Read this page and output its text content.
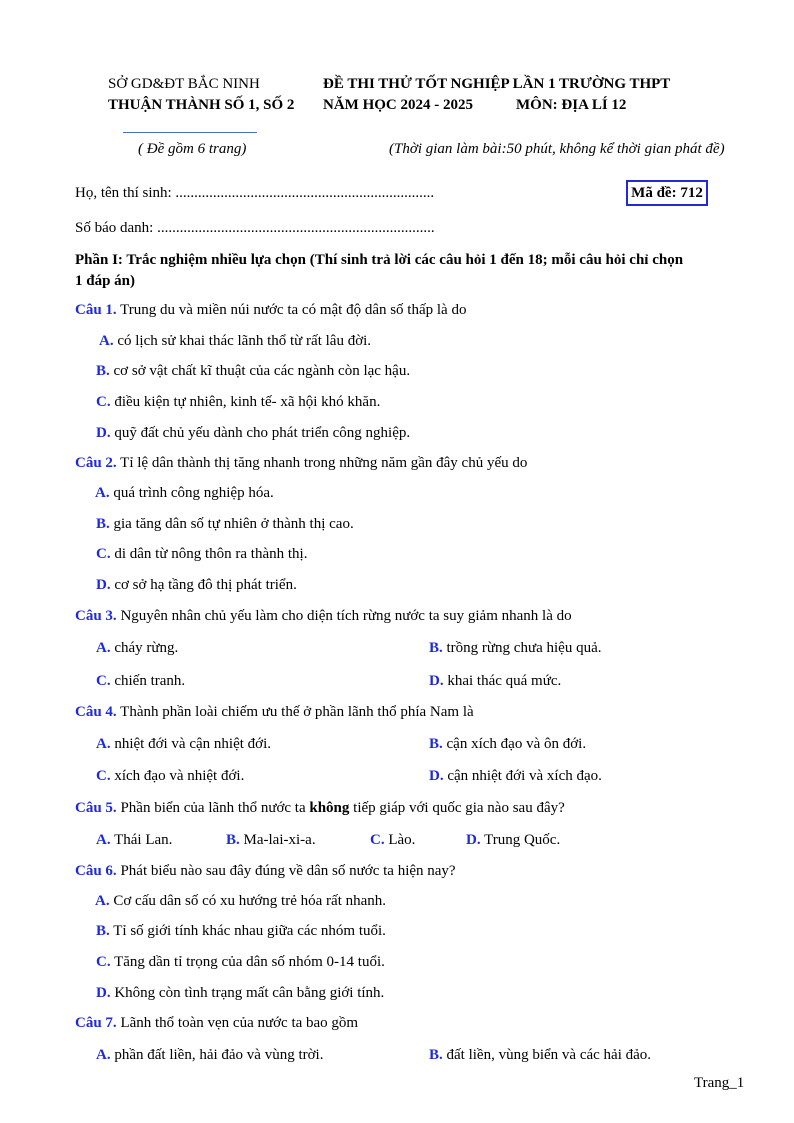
SỞ GD&ĐT BẮC NINH
THUẬN THÀNH SỐ 1, SỐ 2
ĐỀ THI THỬ TỐT NGHIỆP LẦN 1 TRƯỜNG THPT
NĂM HỌC 2024 - 2025	MÔN: ĐỊA LÍ 12
( Đề gồm 6 trang)	(Thời gian làm bài:50 phút, không kể thời gian phát đề)
Họ, tên thí sinh: .....................................................................	Mã đề: 712
Số báo danh: ..........................................................................
Phần I: Trắc nghiệm nhiều lựa chọn (Thí sinh trả lời các câu hỏi 1 đến 18; mỗi câu hỏi chỉ chọn
1 đáp án)
Câu 1. Trung du và miền núi nước ta có mật độ dân số thấp là do
A. có lịch sử khai thác lãnh thổ từ rất lâu đời.
B. cơ sở vật chất kĩ thuật của các ngành còn lạc hậu.
C. điều kiện tự nhiên, kinh tế- xã hội khó khăn.
D. quỹ đất chủ yếu dành cho phát triển công nghiệp.
Câu 2. Tỉ lệ dân thành thị tăng nhanh trong những năm gần đây chủ yếu do
A. quá trình công nghiệp hóa.
B. gia tăng dân số tự nhiên ở thành thị cao.
C. di dân từ nông thôn ra thành thị.
D. cơ sở hạ tầng đô thị phát triển.
Câu 3. Nguyên nhân chủ yếu làm cho diện tích rừng nước ta suy giảm nhanh là do
A. cháy rừng.	B. trồng rừng chưa hiệu quả.
C. chiến tranh.	D. khai thác quá mức.
Câu 4. Thành phần loài chiếm ưu thế ở phần lãnh thổ phía Nam là
A. nhiệt đới và cận nhiệt đới.	B. cận xích đạo và ôn đới.
C. xích đạo và nhiệt đới.	D. cận nhiệt đới và xích đạo.
Câu 5. Phần biển của lãnh thổ nước ta không tiếp giáp với quốc gia nào sau đây?
A. Thái Lan.	B. Ma-lai-xi-a.	C. Lào.	D. Trung Quốc.
Câu 6. Phát biểu nào sau đây đúng về dân số nước ta hiện nay?
A. Cơ cấu dân số có xu hướng trẻ hóa rất nhanh.
B. Tỉ số giới tính khác nhau giữa các nhóm tuổi.
C. Tăng dần tỉ trọng của dân số nhóm 0-14 tuổi.
D. Không còn tình trạng mất cân bằng giới tính.
Câu 7. Lãnh thổ toàn vẹn của nước ta bao gồm
A. phần đất liền, hải đảo và vùng trời.	B. đất liền, vùng biển và các hải đảo.
Trang_1
